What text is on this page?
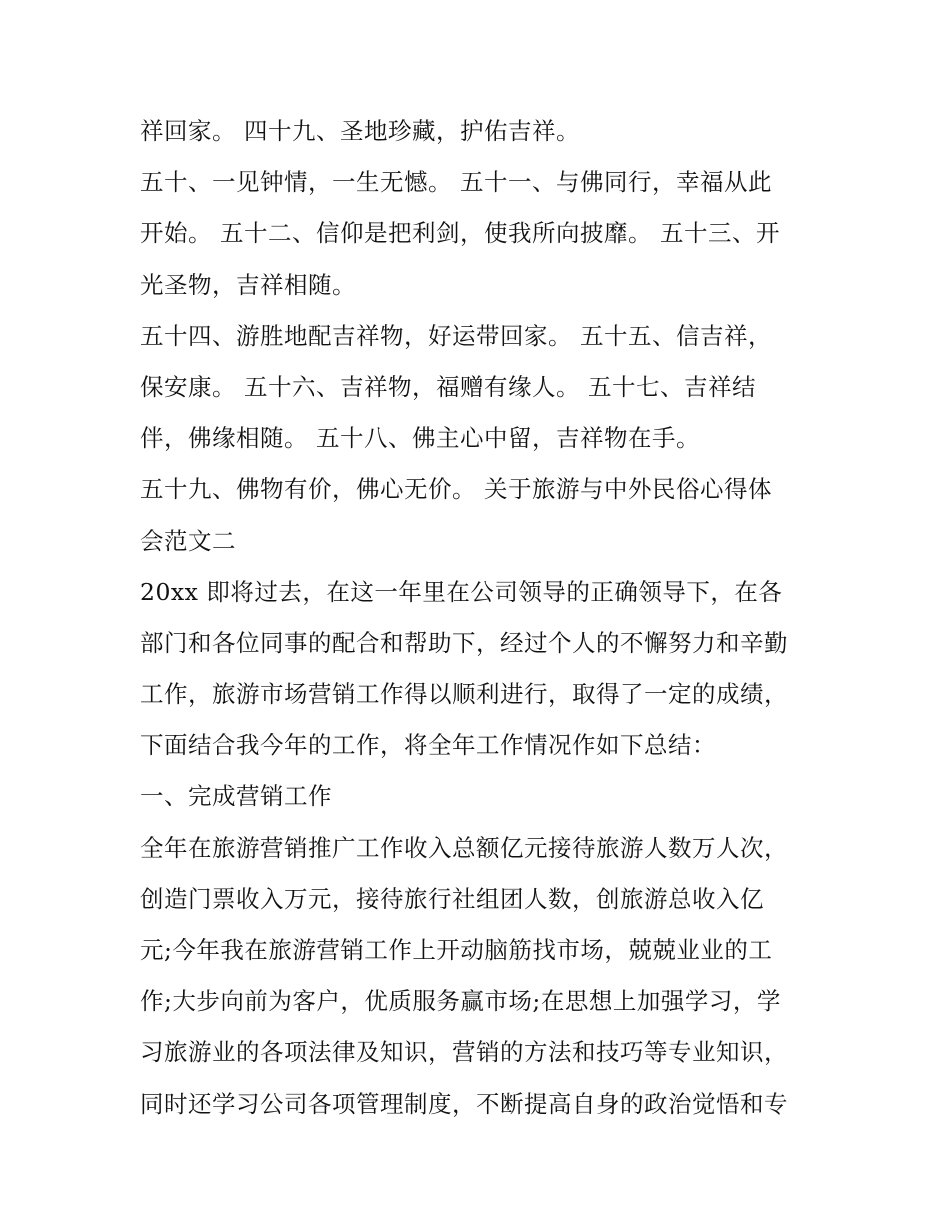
祥回家。 四十九、圣地珍藏，护佑吉祥。
五十、一见钟情，一生无憾。 五十一、与佛同行，幸福从此
开始。 五十二、信仰是把利剑，使我所向披靡。 五十三、开
光圣物，吉祥相随。
五十四、游胜地配吉祥物，好运带回家。 五十五、信吉祥，
保安康。 五十六、吉祥物，福赠有缘人。 五十七、吉祥结
伴，佛缘相随。 五十八、佛主心中留，吉祥物在手。
五十九、佛物有价，佛心无价。 关于旅游与中外民俗心得体
会范文二
20xx 即将过去，在这一年里在公司领导的正确领导下，在各
部门和各位同事的配合和帮助下，经过个人的不懈努力和辛勤
工作，旅游市场营销工作得以顺利进行，取得了一定的成绩，
下面结合我今年的工作，将全年工作情况作如下总结：
一、完成营销工作
全年在旅游营销推广工作收入总额亿元接待旅游人数万人次，
创造门票收入万元，接待旅行社组团人数，创旅游总收入亿
元;今年我在旅游营销工作上开动脑筋找市场，兢兢业业的工
作;大步向前为客户，优质服务赢市场;在思想上加强学习，学
习旅游业的各项法律及知识，营销的方法和技巧等专业知识，
同时还学习公司各项管理制度，不断提高自身的政治觉悟和专
